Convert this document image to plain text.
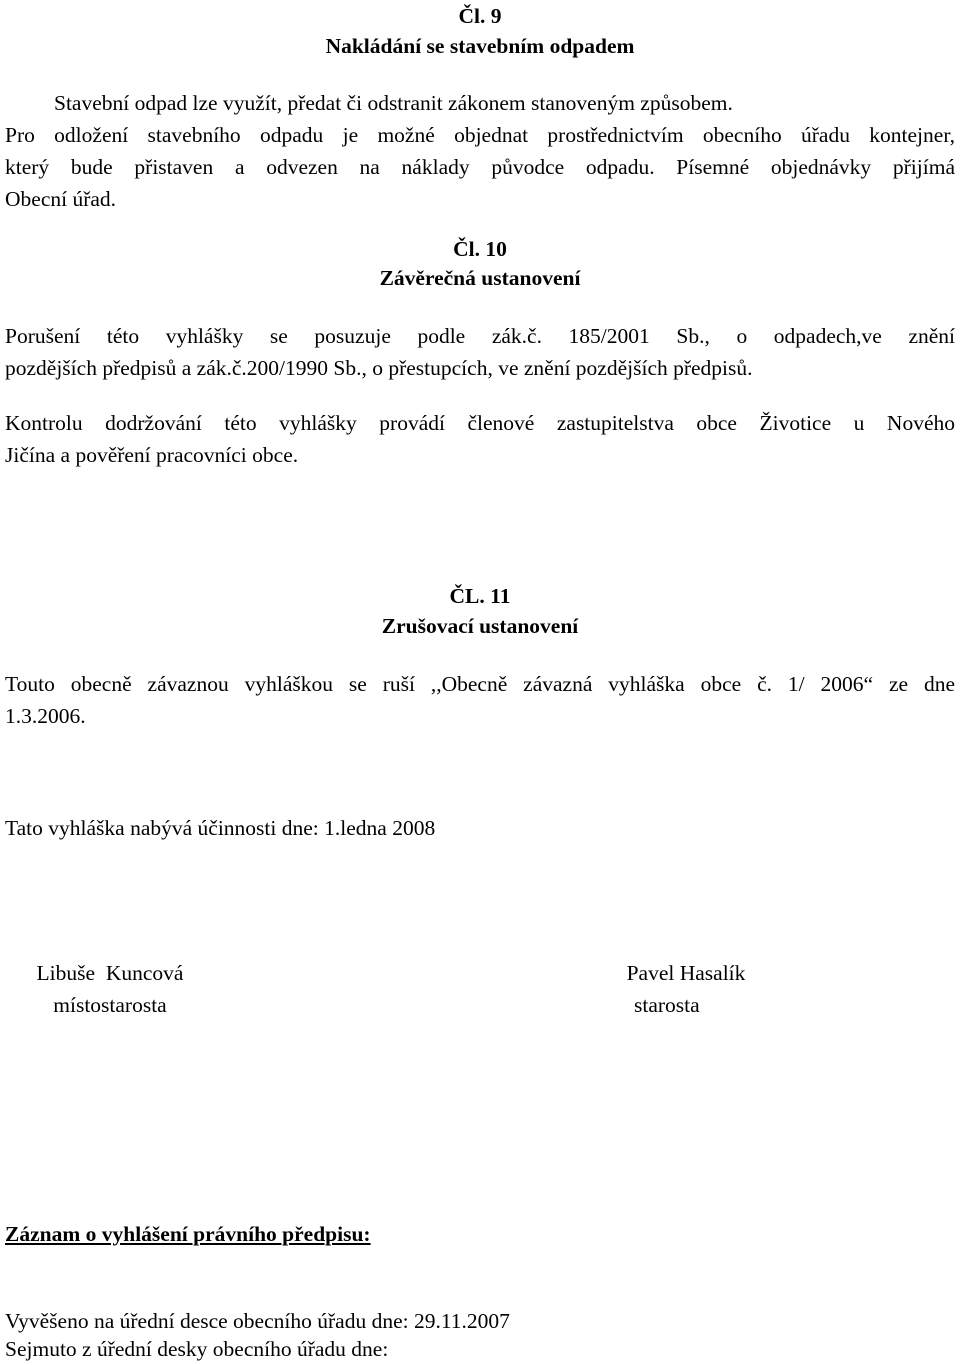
Čl. 9
Nakládání se stavebním odpadem
Stavební odpad lze využít, předat či odstranit zákonem stanoveným způsobem.
Pro odložení stavebního odpadu je možné objednat prostřednictvím obecního úřadu kontejner,
který bude přistaven a odvezen na náklady původce odpadu. Písemné objednávky přijímá
Obecní úřad.
Čl. 10
Závěrečná ustanovení
Porušení této vyhlášky se posuzuje podle zák.č. 185/2001 Sb., o odpadech,ve znění
pozdějších předpisů a zák.č.200/1990 Sb., o přestupcích, ve znění pozdějších předpisů.
Kontrolu dodržování této vyhlášky provádí členové zastupitelstva obce Životice u Nového
Jičína a pověření pracovníci obce.
ČL. 11
Zrušovací ustanovení
Touto obecně závaznou vyhláškou se ruší ,,Obecně závazná vyhláška obce č. 1/ 2006“ ze dne
1.3.2006.
Tato vyhláška nabývá účinnosti dne: 1.ledna 2008
Libuše  Kuncová
místostarosta
Pavel Hasalík
starosta
Záznam o vyhlášení právního předpisu:
Vyvěšeno na úřední desce obecního úřadu dne: 29.11.2007
Sejmuto z úřední desky obecního úřadu dne:
